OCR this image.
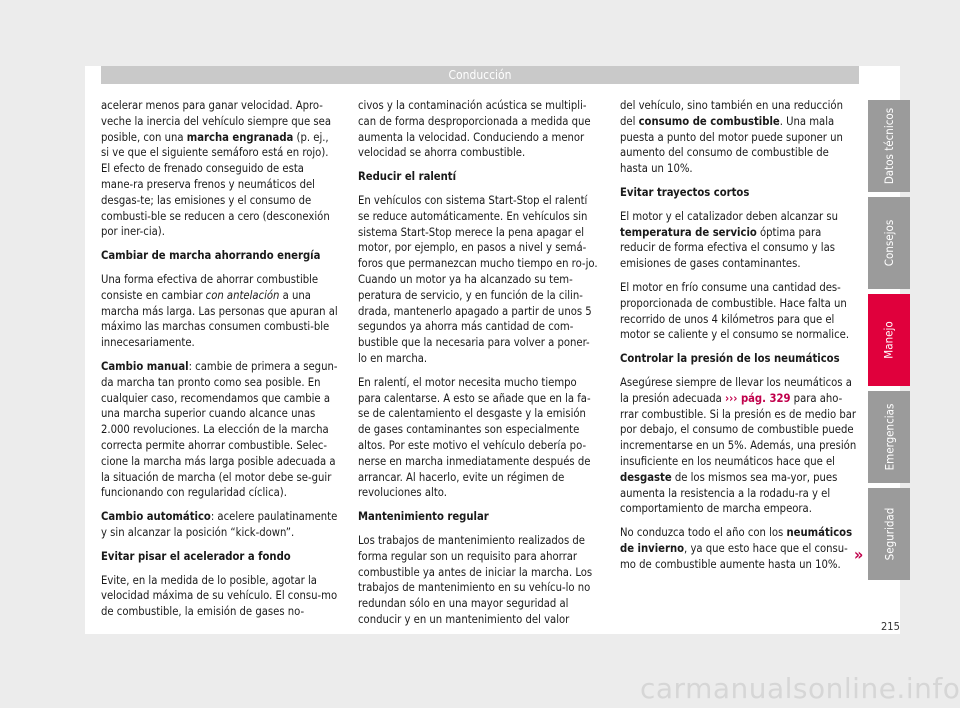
Conducción

acelerar menos para ganar velocidad. Apro-veche la inercia del vehículo siempre que sea posible, con una marcha engranada (p. ej., si ve que el siguiente semáforo está en rojo). El efecto de frenado conseguido de esta mane-ra preserva frenos y neumáticos del desgas-te; las emisiones y el consumo de combusti-ble se reducen a cero (desconexión por iner-cia).

Cambiar de marcha ahorrando energía

Una forma efectiva de ahorrar combustible consiste en cambiar con antelación a una marcha más larga. Las personas que apuran al máximo las marchas consumen combusti-ble innecesariamente.

Cambio manual: cambie de primera a segun-da marcha tan pronto como sea posible. En cualquier caso, recomendamos que cambie a una marcha superior cuando alcance unas 2.000 revoluciones. La elección de la marcha correcta permite ahorrar combustible. Selec-cione la marcha más larga posible adecuada a la situación de marcha (el motor debe se-guir funcionando con regularidad cíclica).

Cambio automático: acelere paulatinamente y sin alcanzar la posición “kick-down”.

Evitar pisar el acelerador a fondo

Evite, en la medida de lo posible, agotar la velocidad máxima de su vehículo. El consu-mo de combustible, la emisión de gases no-

civos y la contaminación acústica se multipli-can de forma desproporcionada a medida que aumenta la velocidad. Conduciendo a menor velocidad se ahorra combustible.

Reducir el ralentí

En vehículos con sistema Start-Stop el ralentí se reduce automáticamente. En vehículos sin sistema Start-Stop merece la pena apagar el motor, por ejemplo, en pasos a nivel y semá-foros que permanezcan mucho tiempo en ro-jo. Cuando un motor ya ha alcanzado su tem-peratura de servicio, y en función de la cilin-drada, mantenerlo apagado a partir de unos 5 segundos ya ahorra más cantidad de com-bustible que la necesaria para volver a poner-lo en marcha.

En ralentí, el motor necesita mucho tiempo para calentarse. A esto se añade que en la fa-se de calentamiento el desgaste y la emisión de gases contaminantes son especialmente altos. Por este motivo el vehículo debería po-nerse en marcha inmediatamente después de arrancar. Al hacerlo, evite un régimen de revoluciones alto.

Mantenimiento regular

Los trabajos de mantenimiento realizados de forma regular son un requisito para ahorrar combustible ya antes de iniciar la marcha. Los trabajos de mantenimiento en su vehícu-lo no redundan sólo en una mayor seguridad al conducir y en un mantenimiento del valor

del vehículo, sino también en una reducción del consumo de combustible. Una mala puesta a punto del motor puede suponer un aumento del consumo de combustible de hasta un 10%.

Evitar trayectos cortos

El motor y el catalizador deben alcanzar su temperatura de servicio óptima para reducir de forma efectiva el consumo y las emisiones de gases contaminantes.

El motor en frío consume una cantidad des-proporcionada de combustible. Hace falta un recorrido de unos 4 kilómetros para que el motor se caliente y el consumo se normalice.

Controlar la presión de los neumáticos

Asegúrese siempre de llevar los neumáticos a la presión adecuada ››› pág. 329 para aho-rrar combustible. Si la presión es de medio bar por debajo, el consumo de combustible puede incrementarse en un 5%. Además, una presión insuficiente en los neumáticos hace que el desgaste de los mismos sea ma-yor, pues aumenta la resistencia a la rodadu-ra y el comportamiento de marcha empeora.

No conduzca todo el año con los neumáticos de invierno, ya que esto hace que el consu-mo de combustible aumente hasta un 10%.

»
Datos técnicos
Consejos
Manejo
Emergencias
Seguridad
215
carmanualsonline.info
